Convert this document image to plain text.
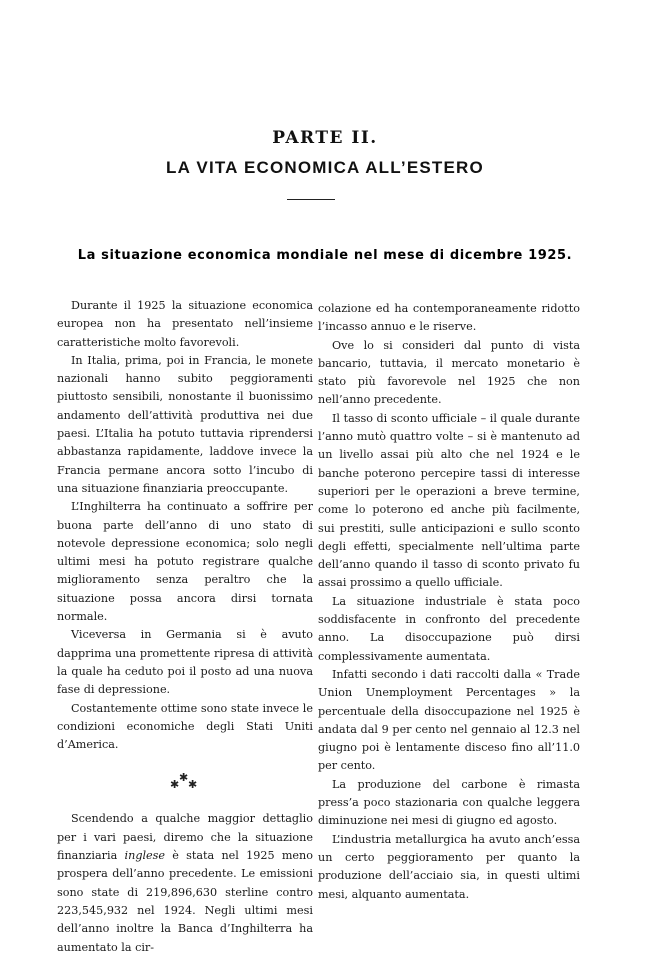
PARTE II.
LA VITA ECONOMICA ALL’ESTERO
La situazione economica mondiale nel mese di dicembre 1925.

Durante il 1925 la situazione economica europea non ha presentato nell’insieme caratteristiche molto favorevoli.

In Italia, prima, poi in Francia, le monete nazionali hanno subito peggioramenti piuttosto sensibili, nonostante il buonissimo andamento dell’attività produttiva nei due paesi. L’Italia ha potuto tuttavia riprendersi abbastanza rapidamente, laddove invece la Francia permane ancora sotto l’incubo di una situazione finanziaria preoccupante.

L’Inghilterra ha continuato a soffrire per buona parte dell’anno di uno stato di notevole depressione economica; solo negli ultimi mesi ha potuto registrare qualche miglioramento senza peraltro che la situazione possa ancora dirsi tornata normale.

Viceversa in Germania si è avuto dapprima una promettente ripresa di attività la quale ha ceduto poi il posto ad una nuova fase di depressione.

Costantemente ottime sono state invece le condizioni economiche degli Stati Uniti d’America.

✱
✱
✱

Scendendo a qualche maggior dettaglio per i vari paesi, diremo che la situazione finanziaria inglese è stata nel 1925 meno prospera dell’anno precedente. Le emissioni sono state di 219,896,630 sterline contro 223,545,932 nel 1924. Negli ultimi mesi dell’anno inoltre la Banca d’Inghilterra ha aumentato la cir-

colazione ed ha contemporaneamente ridotto l’incasso annuo e le riserve.

Ove lo si consideri dal punto di vista bancario, tuttavia, il mercato monetario è stato più favorevole nel 1925 che non nell’anno precedente.

Il tasso di sconto ufficiale – il quale durante l’anno mutò quattro volte – si è mantenuto ad un livello assai più alto che nel 1924 e le banche poterono percepire tassi di interesse superiori per le operazioni a breve termine, come lo poterono ed anche più facilmente, sui prestiti, sulle anticipazioni e sullo sconto degli effetti, specialmente nell’ultima parte dell’anno quando il tasso di sconto privato fu assai prossimo a quello ufficiale.

La situazione industriale è stata poco soddisfacente in confronto del precedente anno. La disoccupazione può dirsi complessivamente aumentata.

Infatti secondo i dati raccolti dalla « Trade Union Unemployment Percentages » la percentuale della disoccupazione nel 1925 è andata dal 9 per cento nel gennaio al 12.3 nel giugno poi è lentamente disceso fino all’11.0 per cento.

La produzione del carbone è rimasta press’a poco stazionaria con qualche leggera diminuzione nei mesi di giugno ed agosto.

L’industria metallurgica ha avuto anch’essa un certo peggioramento per quanto la produzione dell’acciaio sia, in questi ultimi mesi, alquanto aumentata.
